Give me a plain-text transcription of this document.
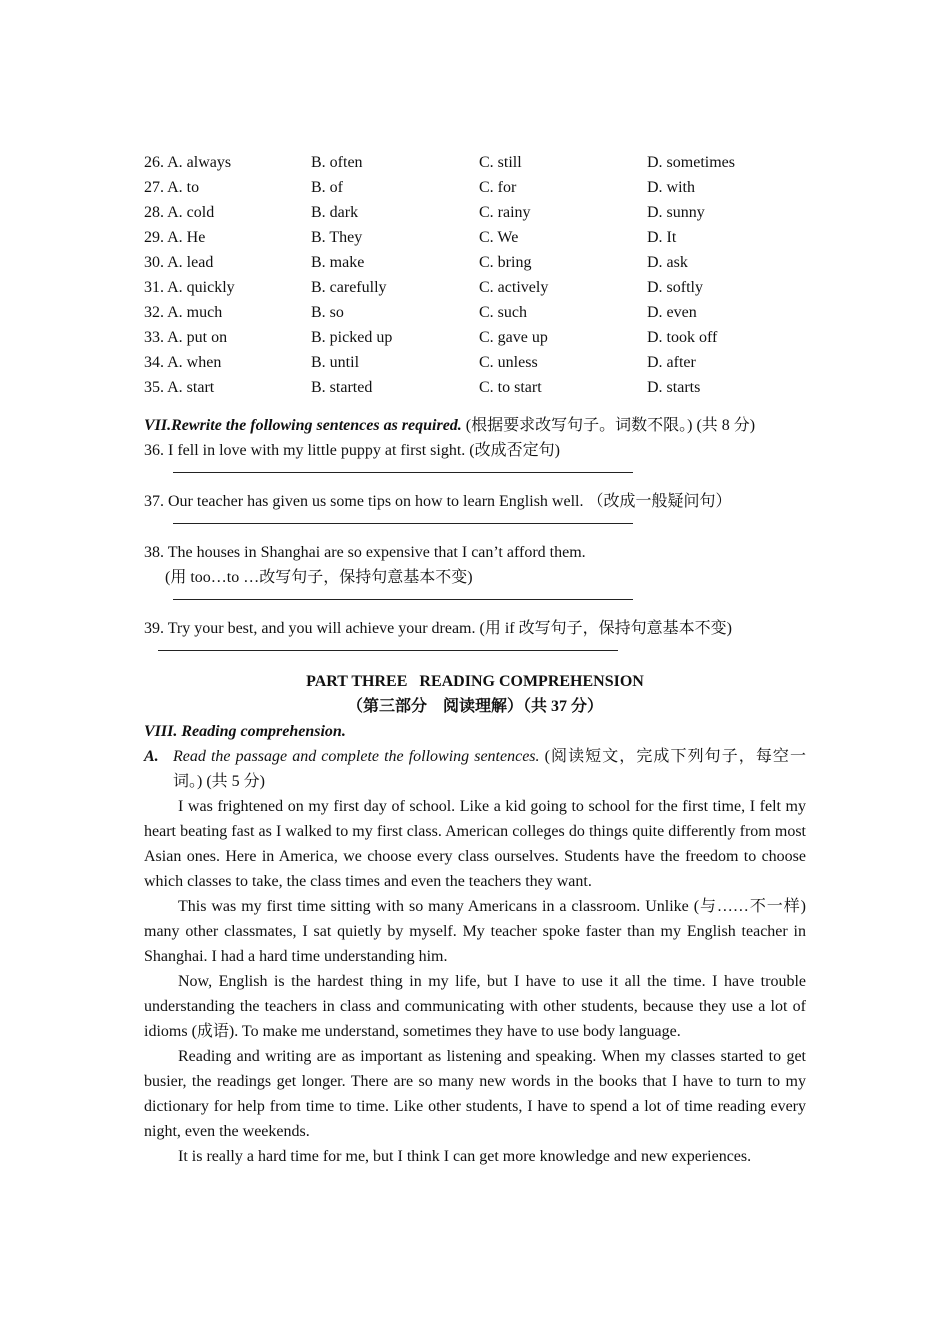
26. A. always	B. often	C. still	D. sometimes
27. A. to	B. of	C. for	D. with
28. A. cold	B. dark	C. rainy	D. sunny
29. A. He	B. They	C. We	D. It
30. A. lead	B. make	C. bring	D. ask
31. A. quickly	B. carefully	C. actively	D. softly
32. A. much	B. so	C. such	D. even
33. A. put on	B. picked up	C. gave up	D. took off
34. A. when	B. until	C. unless	D. after
35. A. start	B. started	C. to start	D. starts
VII.Rewrite the following sentences as required. (根据要求改写句子。词数不限。) (共 8 分)
36. I fell in love with my little puppy at first sight. (改成否定句)
37. Our teacher has given us some tips on how to learn English well. （改成一般疑问句）
38. The houses in Shanghai are so expensive that I can’t afford them.
(用 too…to …改写句子，保持句意基本不变)
39. Try your best, and you will achieve your dream. (用 if 改写句子，保持句意基本不变)
PART THREE   READING COMPREHENSION
（第三部分　阅读理解）（共 37 分）
VIII. Reading comprehension.
A. Read the passage and complete the following sentences. (阅读短文，完成下列句子，每空一词。) (共 5 分)
I was frightened on my first day of school. Like a kid going to school for the first time, I felt my heart beating fast as I walked to my first class. American colleges do things quite differently from most Asian ones. Here in America, we choose every class ourselves. Students have the freedom to choose which classes to take, the class times and even the teachers they want.
This was my first time sitting with so many Americans in a classroom. Unlike (与……不一样) many other classmates, I sat quietly by myself. My teacher spoke faster than my English teacher in Shanghai. I had a hard time understanding him.
Now, English is the hardest thing in my life, but I have to use it all the time. I have trouble understanding the teachers in class and communicating with other students, because they use a lot of idioms (成语). To make me understand, sometimes they have to use body language.
Reading and writing are as important as listening and speaking. When my classes started to get busier, the readings get longer. There are so many new words in the books that I have to turn to my dictionary for help from time to time. Like other students, I have to spend a lot of time reading every night, even the weekends.
It is really a hard time for me, but I think I can get more knowledge and new experiences.
